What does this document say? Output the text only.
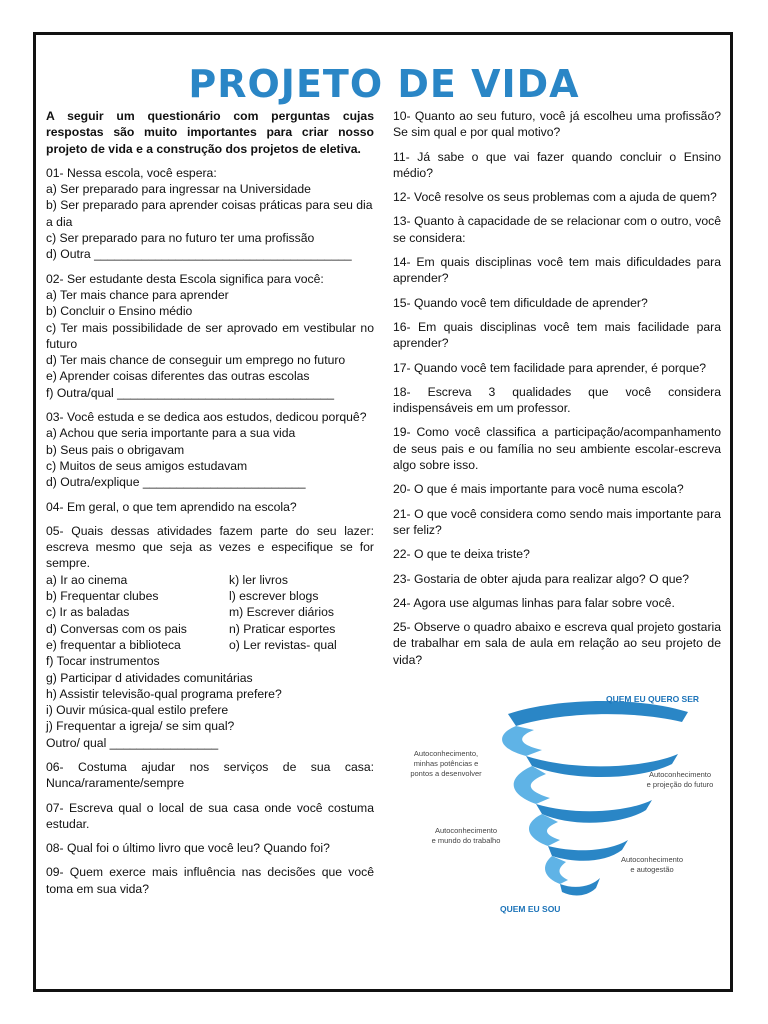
PROJETO DE VIDA

A seguir um questionário com perguntas cujas respostas são muito importantes para criar nosso projeto de vida e a construção dos projetos de eletiva.

01- Nessa escola, você espera:
a) Ser preparado para ingressar na Universidade
b) Ser preparado para aprender coisas práticas para seu dia a dia
c) Ser preparado para no futuro ter uma profissão
d) Outra ______________________________________
02- Ser estudante desta Escola significa para você:
a) Ter mais chance para aprender
b) Concluir o Ensino médio
c) Ter mais possibilidade de ser aprovado em vestibular no futuro
d) Ter mais chance de conseguir um emprego no futuro
e) Aprender coisas diferentes das outras escolas
f) Outra/qual ________________________________
03- Você estuda e se dedica aos estudos, dedicou porquê?
a) Achou que seria importante para a sua vida
b) Seus pais o obrigavam
c) Muitos de seus amigos estudavam
d) Outra/explique ________________________

04- Em geral, o que tem aprendido na escola?

05- Quais dessas atividades fazem parte do seu lazer: escreva mesmo que seja as vezes e especifique se for sempre.
a) Ir ao cinema	k) ler livros
b) Frequentar clubes	l) escrever blogs
c) Ir as baladas	m) Escrever diários
d) Conversas com os pais	n) Praticar esportes
e) frequentar a biblioteca	o) Ler revistas- qual
f) Tocar instrumentos
g) Participar d atividades comunitárias
h) Assistir televisão-qual programa prefere?
i) Ouvir música-qual estilo prefere
j) Frequentar a igreja/ se sim qual?
Outro/ qual ________________

06- Costuma ajudar nos serviços de sua casa: Nunca/raramente/sempre

07- Escreva qual o local de sua casa onde você costuma estudar.

08- Qual foi o último livro que você leu? Quando foi?

09- Quem exerce mais influência nas decisões que você toma em sua vida?

10- Quanto ao seu futuro, você já escolheu uma profissão? Se sim qual e por qual motivo?

11- Já sabe o que vai fazer quando concluir o Ensino médio?

12- Você resolve os seus problemas com a ajuda de quem?

13- Quanto à capacidade de se relacionar com o outro, você se considera:

14- Em quais disciplinas você tem mais dificuldades para aprender?

15- Quando você tem dificuldade de aprender?

16- Em quais disciplinas você tem mais facilidade para aprender?

17- Quando você tem facilidade para aprender, é porque?

18- Escreva 3 qualidades que você considera indispensáveis em um professor.

19- Como você classifica a participação/acompanhamento de seus pais e ou família no seu ambiente escolar-escreva algo sobre isso.

20- O que é mais importante para você numa escola?

21- O que você considera como sendo mais importante para ser feliz?

22- O que te deixa triste?

23- Gostaria de obter ajuda para realizar algo? O que?

24- Agora use algumas linhas para falar sobre você.

25- Observe o quadro abaixo e escreva qual projeto gostaria de trabalhar em sala de aula em relação ao seu projeto de vida?

QUEM EU QUERO SER
QUEM EU SOU
Autoconhecimento,
minhas potências e
pontos a desenvolver	Autoconhecimento
e projeção do futuro
Autoconhecimento
e mundo do trabalho
Autoconhecimento
e autogestão
